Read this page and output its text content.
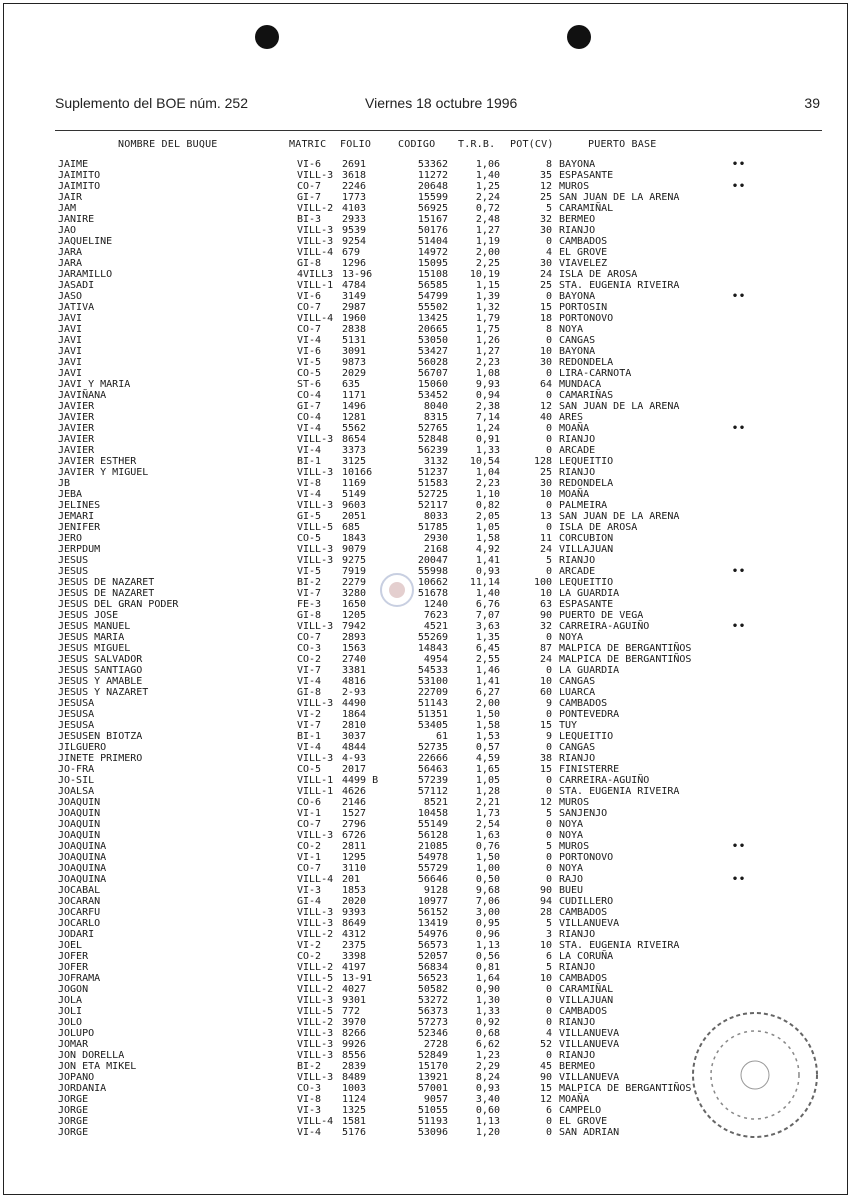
Suplemento del BOE núm. 252	Viernes 18 octubre 1996	39
NOMBRE DEL BUQUE	MATRIC FOLIO	CODIGO T.R.B. POT(CV)	PUERTO BASE
JAIME	VI-6 2691	53362	1,06	8 BAYONA	••
JAIMITO	VILL-3 3618	11272	1,40	35 ESPASANTE
JAIMITO	CO-7 2246	20648	1,25	12 MUROS	••
JAIR	GI-7 1773	15599	2,24	25 SAN JUAN DE LA ARENA
JAM	VILL-2 4103	56925	0,72	5 CARAMIÑAL
JANIRE	BI-3 2933	15167	2,48	32 BERMEO
JAO	VILL-3 9539	50176	1,27	30 RIANJO
JAQUELINE	VILL-3 9254	51404	1,19	0 CAMBADOS
JARA	VILL-4 679	14972	2,00	4 EL GROVE
JARA	GI-8 1296	15095	2,25	30 VIAVELEZ
JARAMILLO	4VILL3 13-96	15108	10,19	24 ISLA DE AROSA
JASADI	VILL-1 4784	56585	1,15	25 STA. EUGENIA RIVEIRA
JASO	VI-6 3149	54799	1,39	0 BAYONA	••
JATIVA	CO-7 2987	55502	1,32	15 PORTOSIN
JAVI	VILL-4 1960	13425	1,79	18 PORTONOVO
JAVI	CO-7 2838	20665	1,75	8 NOYA
JAVI	VI-4 5131	53050	1,26	0 CANGAS
JAVI	VI-6 3091	53427	1,27	10 BAYONA
JAVI	VI-5 9873	56028	2,23	30 REDONDELA
JAVI	CO-5 2029	56707	1,08	0 LIRA-CARNOTA
JAVI Y MARIA	ST-6 635	15060	9,93	64 MUNDACA
JAVIÑANA	CO-4 1171	53452	0,94	0 CAMARIÑAS
JAVIER	GI-7 1496	8040	2,38	12 SAN JUAN DE LA ARENA
JAVIER	CO-4 1281	8315	7,14	40 ARES
JAVIER	VI-4 5562	52765	1,24	0 MOAÑA	••
JAVIER	VILL-3 8654	52848	0,91	0 RIANJO
JAVIER	VI-4 3373	56239	1,33	0 ARCADE
JAVIER ESTHER	BI-1 3125	3132	10,54	128 LEQUEITIO
JAVIER Y MIGUEL	VILL-3 10166	51237	1,04	25 RIANJO
JB	VI-8 1169	51583	2,23	30 REDONDELA
JEBA	VI-4 5149	52725	1,10	10 MOAÑA
JELINES	VILL-3 9603	52117	0,82	0 PALMEIRA
JEMARI	GI-5 2051	8033	2,05	13 SAN JUAN DE LA ARENA
JENIFER	VILL-5 685	51785	1,05	0 ISLA DE AROSA
JERO	CO-5 1843	2930	1,58	11 CORCUBION
JERPDUM	VILL-3 9079	2168	4,92	24 VILLAJUAN
JESUS	VILL-3 9275	20047	1,41	5 RIANJO
JESUS	VI-5 7919	55998	0,93	0 ARCADE	••
JESUS DE NAZARET	BI-2 2279	10662	11,14	100 LEQUEITIO
JESUS DE NAZARET	VI-7 3280	51678	1,40	10 LA GUARDIA
JESUS DEL GRAN PODER	FE-3 1650	1240	6,76	63 ESPASANTE
JESUS JOSE	GI-8 1205	7623	7,07	90 PUERTO DE VEGA
JESUS MANUEL	VILL-3 7942	4521	3,63	32 CARREIRA-AGUIÑO	••
JESUS MARIA	CO-7 2893	55269	1,35	0 NOYA
JESUS MIGUEL	CO-3 1563	14843	6,45	87 MALPICA DE BERGANTIÑOS
JESUS SALVADOR	CO-2 2740	4954	2,55	24 MALPICA DE BERGANTIÑOS
JESUS SANTIAGO	VI-7 3381	54533	1,46	0 LA GUARDIA
JESUS Y AMABLE	VI-4 4816	53100	1,41	10 CANGAS
JESUS Y NAZARET	GI-8 2-93	22709	6,27	60 LUARCA
JESUSA	VILL-3 4490	51143	2,00	9 CAMBADOS
JESUSA	VI-2 1864	51351	1,50	0 PONTEVEDRA
JESUSA	VI-7 2810	53405	1,58	15 TUY
JESUSEN BIOTZA	BI-1 3037	61	1,53	9 LEQUEITIO
JILGUERO	VI-4 4844	52735	0,57	0 CANGAS
JINETE PRIMERO	VILL-3 4-93	22666	4,59	38 RIANJO
JO-FRA	CO-5 2017	56463	1,65	15 FINISTERRE
JO-SIL	VILL-1 4499 B	57239	1,05	0 CARREIRA-AGUIÑO
JOALSA	VILL-1 4626	57112	1,28	0 STA. EUGENIA RIVEIRA
JOAQUIN	CO-6 2146	8521	2,21	12 MUROS
JOAQUIN	VI-1 1527	10458	1,73	5 SANJENJO
JOAQUIN	CO-7 2796	55149	2,54	0 NOYA
JOAQUIN	VILL-3 6726	56128	1,63	0 NOYA
JOAQUINA	CO-2 2811	21085	0,76	5 MUROS	••
JOAQUINA	VI-1 1295	54978	1,50	0 PORTONOVO
JOAQUINA	CO-7 3110	55729	1,00	0 NOYA
JOAQUINA	VILL-4 201	56646	0,50	0 RAJO	••
JOCABAL	VI-3 1853	9128	9,68	90 BUEU
JOCARAN	GI-4 2020	10977	7,06	94 CUDILLERO
JOCARFU	VILL-3 9393	56152	3,00	28 CAMBADOS
JOCARLO	VILL-3 8649	13419	0,95	5 VILLANUEVA
JODARI	VILL-2 4312	54976	0,96	3 RIANJO
JOEL	VI-2 2375	56573	1,13	10 STA. EUGENIA RIVEIRA
JOFER	CO-2 3398	52057	0,56	6 LA CORUÑA
JOFER	VILL-2 4197	56834	0,81	5 RIANJO
JOFRAMA	VILL-5 13-91	56523	1,64	10 CAMBADOS
JOGON	VILL-2 4027	50582	0,90	0 CARAMIÑAL
JOLA	VILL-3 9301	53272	1,30	0 VILLAJUAN
JOLI	VILL-5 772	56373	1,33	0 CAMBADOS
JOLO	VILL-2 3970	57273	0,92	0 RIANJO
JOLUPO	VILL-3 8266	52346	0,68	4 VILLANUEVA
JOMAR	VILL-3 9926	2728	6,62	52 VILLANUEVA
JON DORELLA	VILL-3 8556	52849	1,23	0 RIANJO
JON ETA MIKEL	BI-2 2839	15170	2,29	45 BERMEO
JOPANO	VILL-3 8489	13921	8,24	90 VILLANUEVA
JORDANIA	CO-3 1003	57001	0,93	15 MALPICA DE BERGANTIÑOS
JORGE	VI-8 1124	9057	3,40	12 MOAÑA
JORGE	VI-3 1325	51055	0,60	6 CAMPELO
JORGE	VILL-4 1581	51193	1,13	0 EL GROVE
JORGE	VI-4 5176	53096	1,20	0 SAN ADRIAN
